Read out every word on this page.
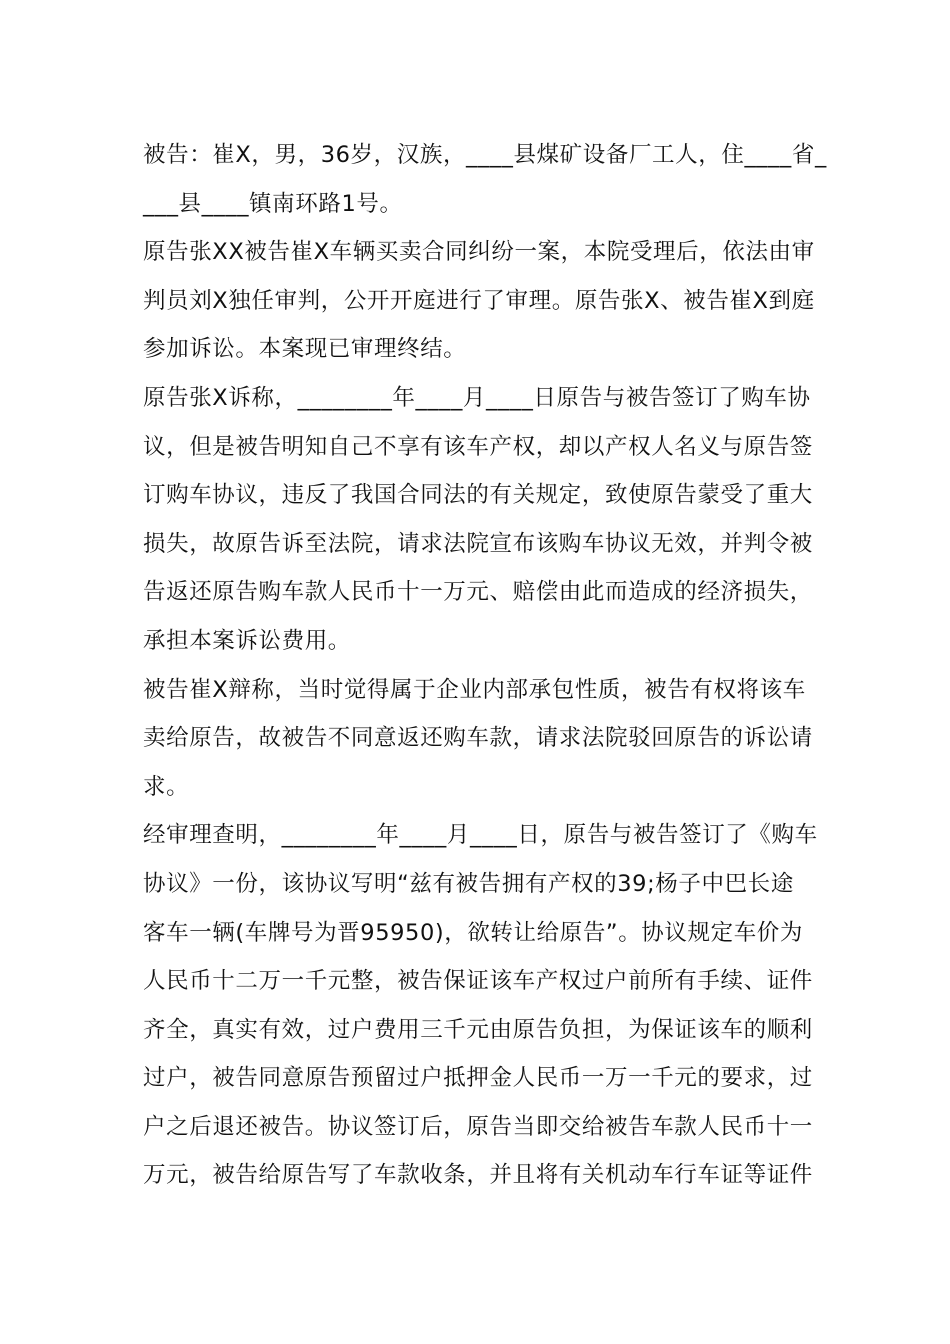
被告：崔X，男，36岁，汉族，____县煤矿设备厂工人，住____省_
___县____镇南环路1号。
原告张XX被告崔X车辆买卖合同纠纷一案，本院受理后，依法由审
判员刘X独任审判，公开开庭进行了审理。原告张X、被告崔X到庭
参加诉讼。本案现已审理终结。
原告张X诉称，________年____月____日原告与被告签订了购车协
议，但是被告明知自己不享有该车产权，却以产权人名义与原告签
订购车协议，违反了我国合同法的有关规定，致使原告蒙受了重大
损失，故原告诉至法院，请求法院宣布该购车协议无效，并判令被
告返还原告购车款人民币十一万元、赔偿由此而造成的经济损失，
承担本案诉讼费用。
被告崔X辩称，当时觉得属于企业内部承包性质，被告有权将该车
卖给原告，故被告不同意返还购车款，请求法院驳回原告的诉讼请
求。
经审理查明，________年____月____日，原告与被告签订了《购车
协议》一份，该协议写明“兹有被告拥有产权的39;杨子中巴长途
客车一辆(车牌号为晋95950)，欲转让给原告”。协议规定车价为
人民币十二万一千元整，被告保证该车产权过户前所有手续、证件
齐全，真实有效，过户费用三千元由原告负担，为保证该车的顺利
过户，被告同意原告预留过户抵押金人民币一万一千元的要求，过
户之后退还被告。协议签订后，原告当即交给被告车款人民币十一
万元，被告给原告写了车款收条，并且将有关机动车行车证等证件
